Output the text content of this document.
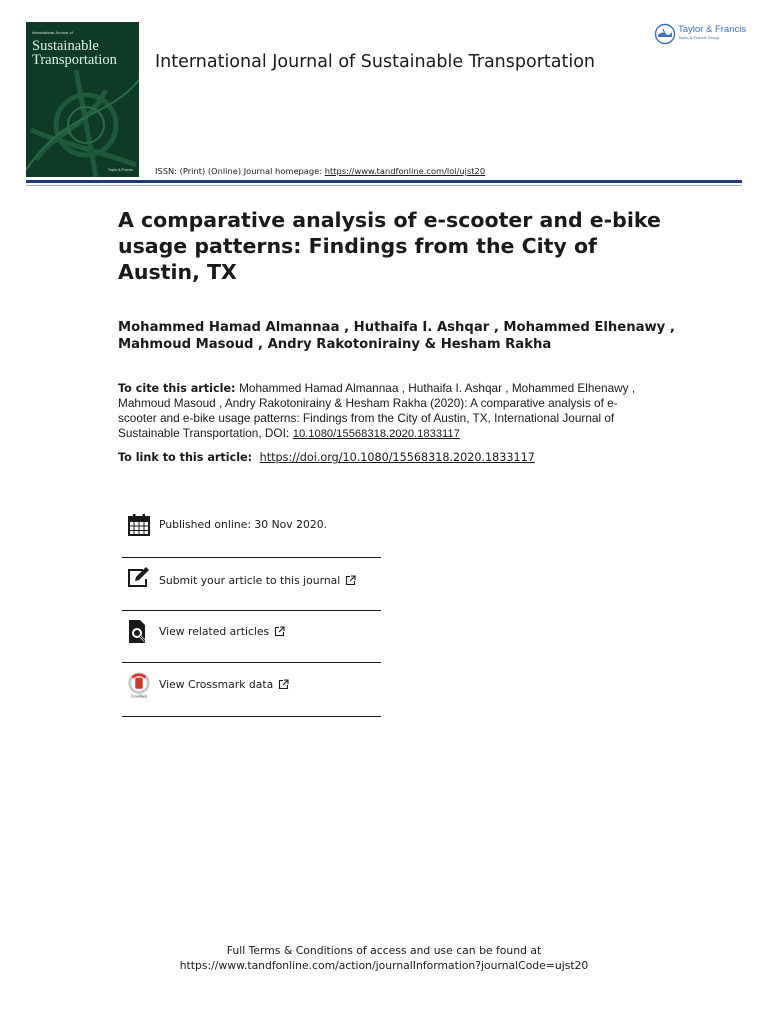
International Journal of
Sustainable Transportation
Taylor & Francis
International Journal of Sustainable Transportation
ISSN: (Print) (Online) Journal homepage: https://www.tandfonline.com/loi/ujst20
Taylor & Francis
Taylor & Francis Group
A comparative analysis of e-scooter and e-bike usage patterns: Findings from the City of Austin, TX
Mohammed Hamad Almannaa , Huthaifa I. Ashqar , Mohammed Elhenawy , Mahmoud Masoud , Andry Rakotonirainy & Hesham Rakha
To cite this article: Mohammed Hamad Almannaa , Huthaifa I. Ashqar , Mohammed Elhenawy , Mahmoud Masoud , Andry Rakotonirainy & Hesham Rakha (2020): A comparative analysis of e-scooter and e-bike usage patterns: Findings from the City of Austin, TX, International Journal of Sustainable Transportation, DOI: 10.1080/15568318.2020.1833117
To link to this article: https://doi.org/10.1080/15568318.2020.1833117
Published online: 30 Nov 2020.
Submit your article to this journal
View related articles
CrossMark
View Crossmark data
Full Terms & Conditions of access and use can be found at
https://www.tandfonline.com/action/journalInformation?journalCode=ujst20
